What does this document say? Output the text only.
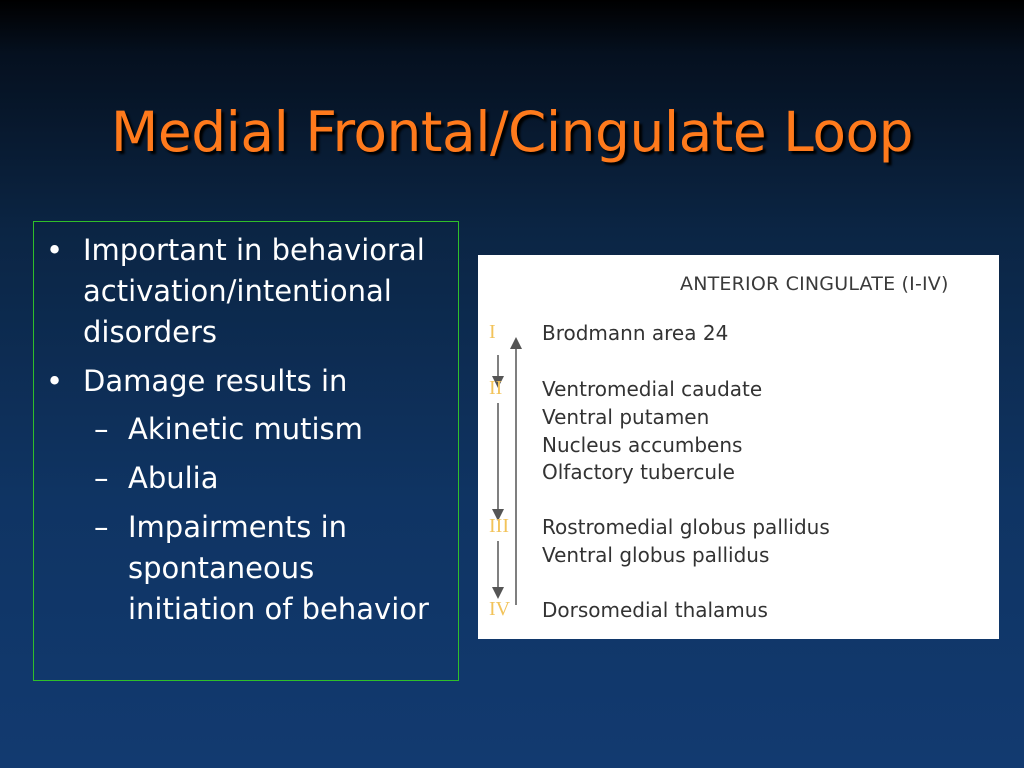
Medial Frontal/Cingulate Loop
• Important in behavioral
activation/intentional
disorders
• Damage results in
– Akinetic mutism
– Abulia
– Impairments in
spontaneous
initiation of behavior
ANTERIOR CINGULATE (I-IV)
I Brodmann area 24
II Ventromedial caudate
Ventral putamen
Nucleus accumbens
Olfactory tubercule
III Rostromedial globus pallidus
Ventral globus pallidus
IV Dorsomedial thalamus
